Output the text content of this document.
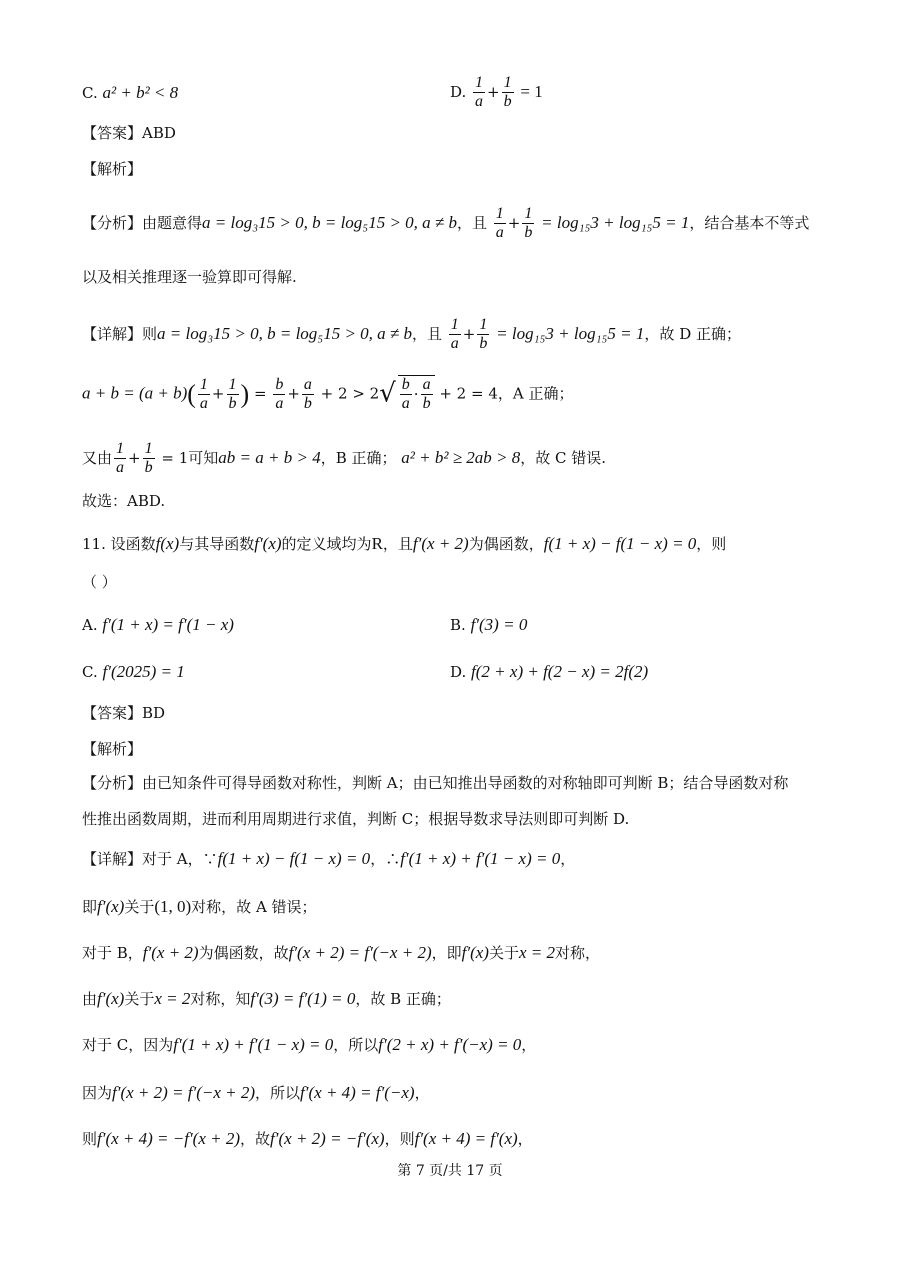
C. a² + b² < 8	D. $\frac{1}{a} + \frac{1}{b} = 1$
【答案】ABD
【解析】
【分析】由题意得a = log₃15 > 0, b = log₅15 > 0, a ≠ b，且 $\frac{1}{a} + \frac{1}{b} = \log_{15}3 + \log_{15}5 = 1$，结合基本不等式
以及相关推理逐一验算即可得解.
【详解】则a = log₃15 > 0, b = log₅15 > 0, a ≠ b，且 $\frac{1}{a} + \frac{1}{b} = \log_{15}3 + \log_{15}5 = 1$，故 D 正确；
$a + b = (a + b)( \frac{1}{a} + \frac{1}{b}$ ) = $\frac{b}{a} + \frac{a}{b} + 2 > 2√ \frac{b}{a} \cdot \frac{a}{b} + 2 = 4$，A 正确；
又由 $\frac{1}{a} + \frac{1}{b} = 1$可知ab = a + b > 4，B 正确； a² + b² ≥ 2ab > 8，故 C 错误.
故选：ABD.
11. 设函数f(x)与其导函数f′(x)的定义域均为R，且f′(x + 2)为偶函数，f(1 + x) − f(1 − x) = 0，则
（ ）
A. f′(1 + x) = f′(1 − x)	B. f′(3) = 0
C. f′(2025) = 1	D. f(2 + x) + f(2 − x) = 2f(2)
【答案】BD
【解析】
【分析】由已知条件可得导函数对称性，判断 A；由已知推出导函数的对称轴即可判断 B；结合导函数对称
性推出函数周期，进而利用周期进行求值，判断 C；根据导数求导法则即可判断 D.
【详解】对于 A，∵f(1 + x) − f(1 − x) = 0，∴f′(1 + x) + f′(1 − x) = 0，
即f′(x)关于(1, 0)对称，故 A 错误；
对于 B，f′(x + 2)为偶函数，故f′(x + 2) = f′(−x + 2)，即f′(x)关于x = 2对称，
由f′(x)关于x = 2对称，知f′(3) = f′(1) = 0，故 B 正确；
对于 C，因为f′(1 + x) + f′(1 − x) = 0，所以f′(2 + x) + f′(−x) = 0，
因为f′(x + 2) = f′(−x + 2)，所以f′(x + 4) = f′(−x)，
则f′(x + 4) = −f′(x + 2)，故f′(x + 2) = −f′(x)，则f′(x + 4) = f′(x)，
第 7 页/共 17 页
